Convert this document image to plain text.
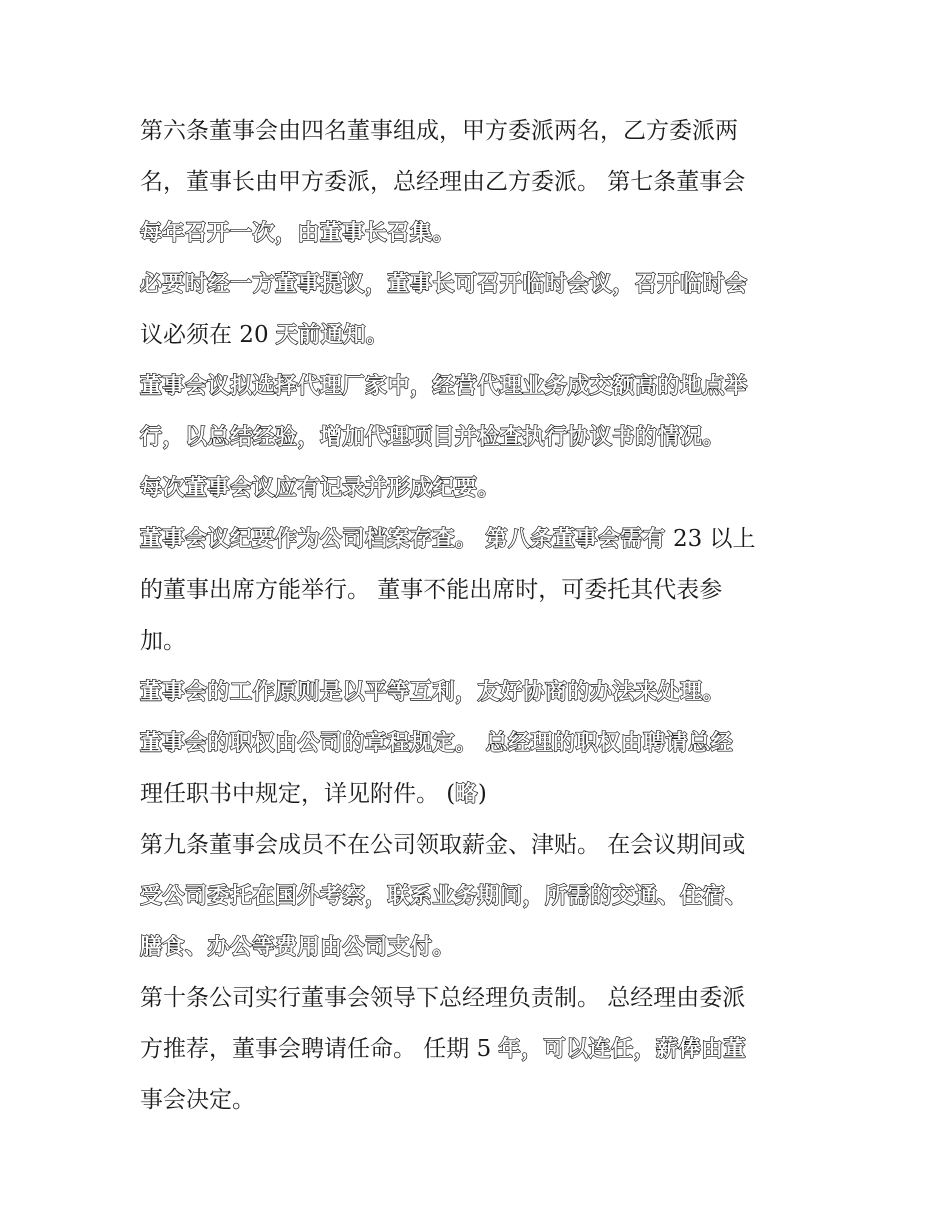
第六条董事会由四名董事组成，甲方委派两名，乙方委派两
名，董事长由甲方委派，总经理由乙方委派。 第七条董事会
每年召开一次，由董事长召集。
必要时经一方董事提议，董事长可召开临时会议，召开临时会
议必须在 20 天前通知。
董事会议拟选择代理厂家中，经营代理业务成交额高的地点举
行，以总结经验，增加代理项目并检查执行协议书的情况。
每次董事会议应有记录并形成纪要。
董事会议纪要作为公司档案存查。 第八条董事会需有 23 以上
的董事出席方能举行。 董事不能出席时，可委托其代表参
加。
董事会的工作原则是以平等互利，友好协商的办法来处理。
董事会的职权由公司的章程规定。 总经理的职权由聘请总经
理任职书中规定，详见附件。 (略)
第九条董事会成员不在公司领取薪金、津贴。 在会议期间或
受公司委托在国外考察，联系业务期间，所需的交通、住宿、
膳食、办公等费用由公司支付。
第十条公司实行董事会领导下总经理负责制。 总经理由委派
方推荐，董事会聘请任命。 任期 5 年，可以连任，薪俸由董
事会决定。
